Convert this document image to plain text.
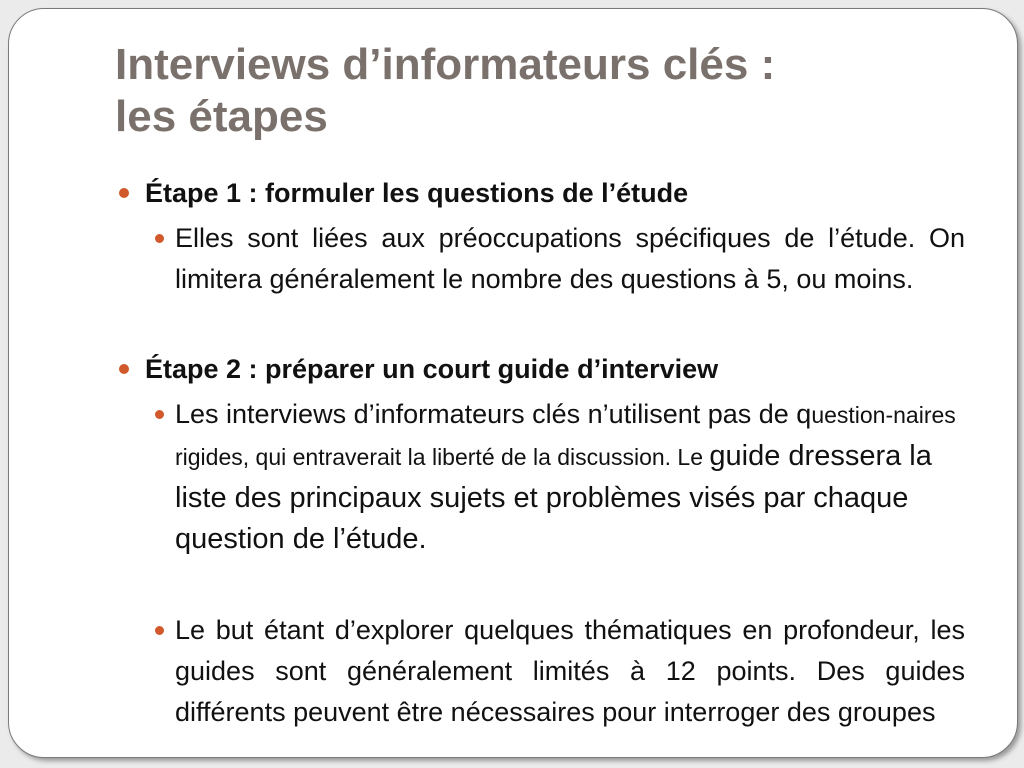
Interviews d’informateurs clés :
les étapes
Étape 1 : formuler les questions de l’étude
Elles sont liées aux préoccupations spécifiques de l’étude. On limitera généralement le nombre des questions à 5, ou moins.
Étape 2 : préparer un court guide d’interview
Les interviews d’informateurs clés n’utilisent pas de question-naires rigides, qui entraverait la liberté de la discussion. Le guide dressera la liste des principaux sujets et problèmes visés par chaque question de l’étude.
Le but étant d’explorer quelques thématiques en profondeur, les guides sont généralement limités à 12 points. Des guides différents peuvent être nécessaires pour interroger des groupes
